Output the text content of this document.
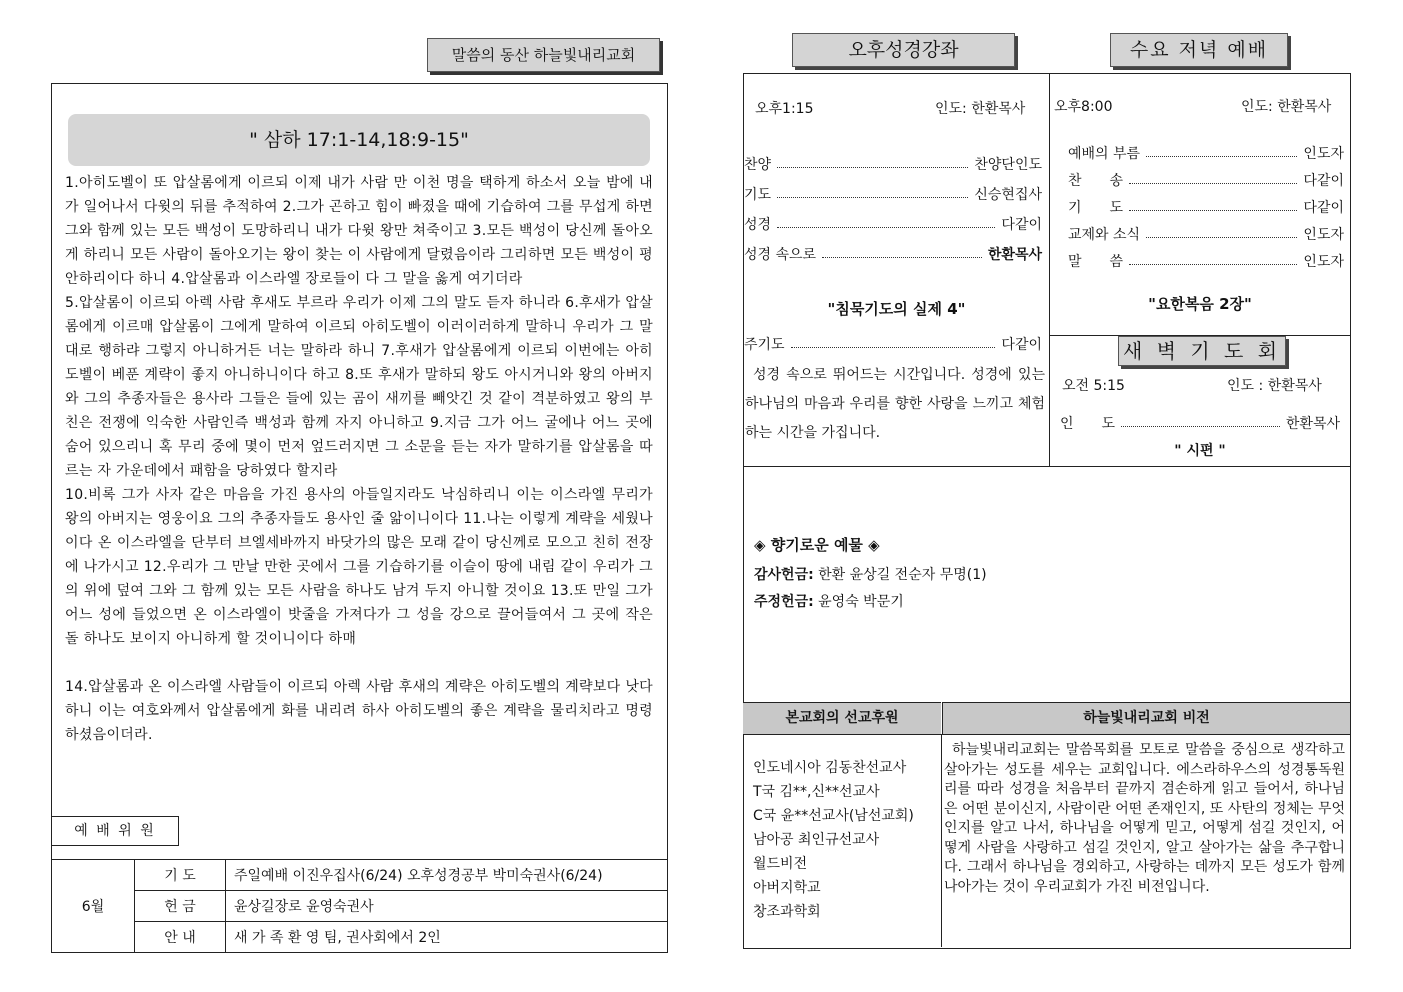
말씀의 동산 하늘빛내리교회
" 삼하 17:1-14,18:9-15"

1.아히도벨이 또 압살롬에게 이르되 이제 내가 사람 만 이천 명을 택하게 하소서 오늘 밤에 내가 일어나서 다윗의 뒤를 추적하여 2.그가 곤하고 힘이 빠졌을 때에 기습하여 그를 무섭게 하면 그와 함께 있는 모든 백성이 도망하리니 내가 다윗 왕만 쳐죽이고 3.모든 백성이 당신께 돌아오게 하리니 모든 사람이 돌아오기는 왕이 찾는 이 사람에게 달렸음이라 그리하면 모든 백성이 평안하리이다 하니 4.압살롬과 이스라엘 장로들이 다 그 말을 옳게 여기더라

5.압살롬이 이르되 아렉 사람 후새도 부르라 우리가 이제 그의 말도 듣자 하니라 6.후새가 압살롬에게 이르매 압살롬이 그에게 말하여 이르되 아히도벨이 이러이러하게 말하니 우리가 그 말대로 행하랴 그렇지 아니하거든 너는 말하라 하니 7.후새가 압살롬에게 이르되 이번에는 아히도벨이 베푼 계략이 좋지 아니하니이다 하고 8.또 후새가 말하되 왕도 아시거니와 왕의 아버지와 그의 추종자들은 용사라 그들은 들에 있는 곰이 새끼를 빼앗긴 것 같이 격분하였고 왕의 부친은 전쟁에 익숙한 사람인즉 백성과 함께 자지 아니하고 9.지금 그가 어느 굴에나 어느 곳에 숨어 있으리니 혹 무리 중에 몇이 먼저 엎드러지면 그 소문을 듣는 자가 말하기를 압살롬을 따르는 자 가운데에서 패함을 당하였다 할지라

10.비록 그가 사자 같은 마음을 가진 용사의 아들일지라도 낙심하리니 이는 이스라엘 무리가 왕의 아버지는 영웅이요 그의 추종자들도 용사인 줄 앎이니이다 11.나는 이렇게 계략을 세웠나이다 온 이스라엘을 단부터 브엘세바까지 바닷가의 많은 모래 같이 당신께로 모으고 친히 전장에 나가시고 12.우리가 그 만날 만한 곳에서 그를 기습하기를 이슬이 땅에 내림 같이 우리가 그의 위에 덮여 그와 그 함께 있는 모든 사람을 하나도 남겨 두지 아니할 것이요 13.또 만일 그가 어느 성에 들었으면 온 이스라엘이 밧줄을 가져다가 그 성을 강으로 끌어들여서 그 곳에 작은 돌 하나도 보이지 아니하게 할 것이니이다 하매

14.압살롬과 온 이스라엘 사람들이 이르되 아렉 사람 후새의 계략은 아히도벨의 계략보다 낫다 하니 이는 여호와께서 압살롬에게 화를 내리려 하사 아히도벨의 좋은 계략을 물리치라고 명령하셨음이더라.

예 배 위 원
6월	기 도	주일예배 이진우집사(6/24) 오후성경공부 박미숙권사(6/24)
	헌 금	윤상길장로 윤영숙권사
	안 내	새 가 족 환 영 팀, 권사회에서 2인
오후성경강좌	수요 저녁 예배
오후1:15	인도: 한환목사
찬양	찬양단인도
기도	신승현집사
성경	다같이
성경 속으로	한환목사
"침묵기도의 실제 4"
주기도	다같이
성경 속으로 뛰어드는 시간입니다. 성경에 있는 하나님의 마음과 우리를 향한 사랑을 느끼고 체험하는 시간을 가집니다.
오후8:00	인도: 한환목사
예배의 부름	인도자
찬　　송	다같이
기　　도	다같이
교제와 소식	인도자
말　　씀	인도자
"요한복음 2장"
새 벽 기 도 회
오전 5:15	인도 : 한환목사
인　　도	한환목사
" 시편 "
◈ 향기로운 예물 ◈
감사헌금: 한환 윤상길 전순자 무명(1)
주정헌금: 윤영숙 박문기
본교회의 선교후원	하늘빛내리교회 비전
인도네시아 김동찬선교사
T국 김**,신**선교사
C국 윤**선교사(남선교회)
남아공 최인규선교사
월드비전
아버지학교
창조과학회
하늘빛내리교회는 말씀목회를 모토로 말씀을 중심으로 생각하고 살아가는 성도를 세우는 교회입니다. 에스라하우스의 성경통독원리를 따라 성경을 처음부터 끝까지 겸손하게 읽고 들어서, 하나님은 어떤 분이신지, 사람이란 어떤 존재인지, 또 사탄의 정체는 무엇인지를 알고 나서, 하나님을 어떻게 믿고, 어떻게 섬길 것인지, 어떻게 사람을 사랑하고 섬길 것인지, 알고 살아가는 삶을 추구합니다. 그래서 하나님을 경외하고, 사랑하는 데까지 모든 성도가 함께 나아가는 것이 우리교회가 가진 비전입니다.
